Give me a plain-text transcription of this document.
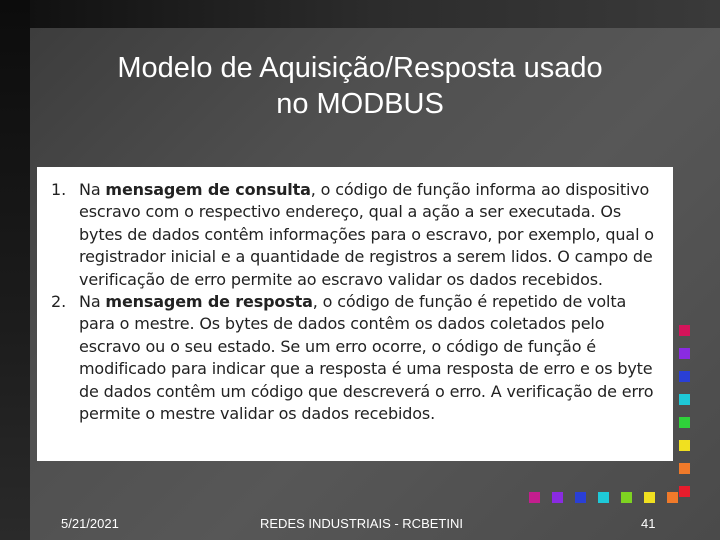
Modelo de Aquisição/Resposta usado
no MODBUS
1. Na mensagem de consulta, o código de função informa ao dispositivo escravo com o respectivo endereço, qual a ação a ser executada. Os bytes de dados contêm informações para o escravo, por exemplo, qual o registrador inicial e a quantidade de registros a serem lidos. O campo de verificação de erro permite ao escravo validar os dados recebidos.
2. Na mensagem de resposta, o código de função é repetido de volta para o mestre. Os bytes de dados contêm os dados coletados pelo escravo ou o seu estado. Se um erro ocorre, o código de função é modificado para indicar que a resposta é uma resposta de erro e os byte de dados contêm um código que descreverá o erro. A verificação de erro permite o mestre validar os dados recebidos.
5/21/2021	REDES INDUSTRIAIS - RCBETINI	41
